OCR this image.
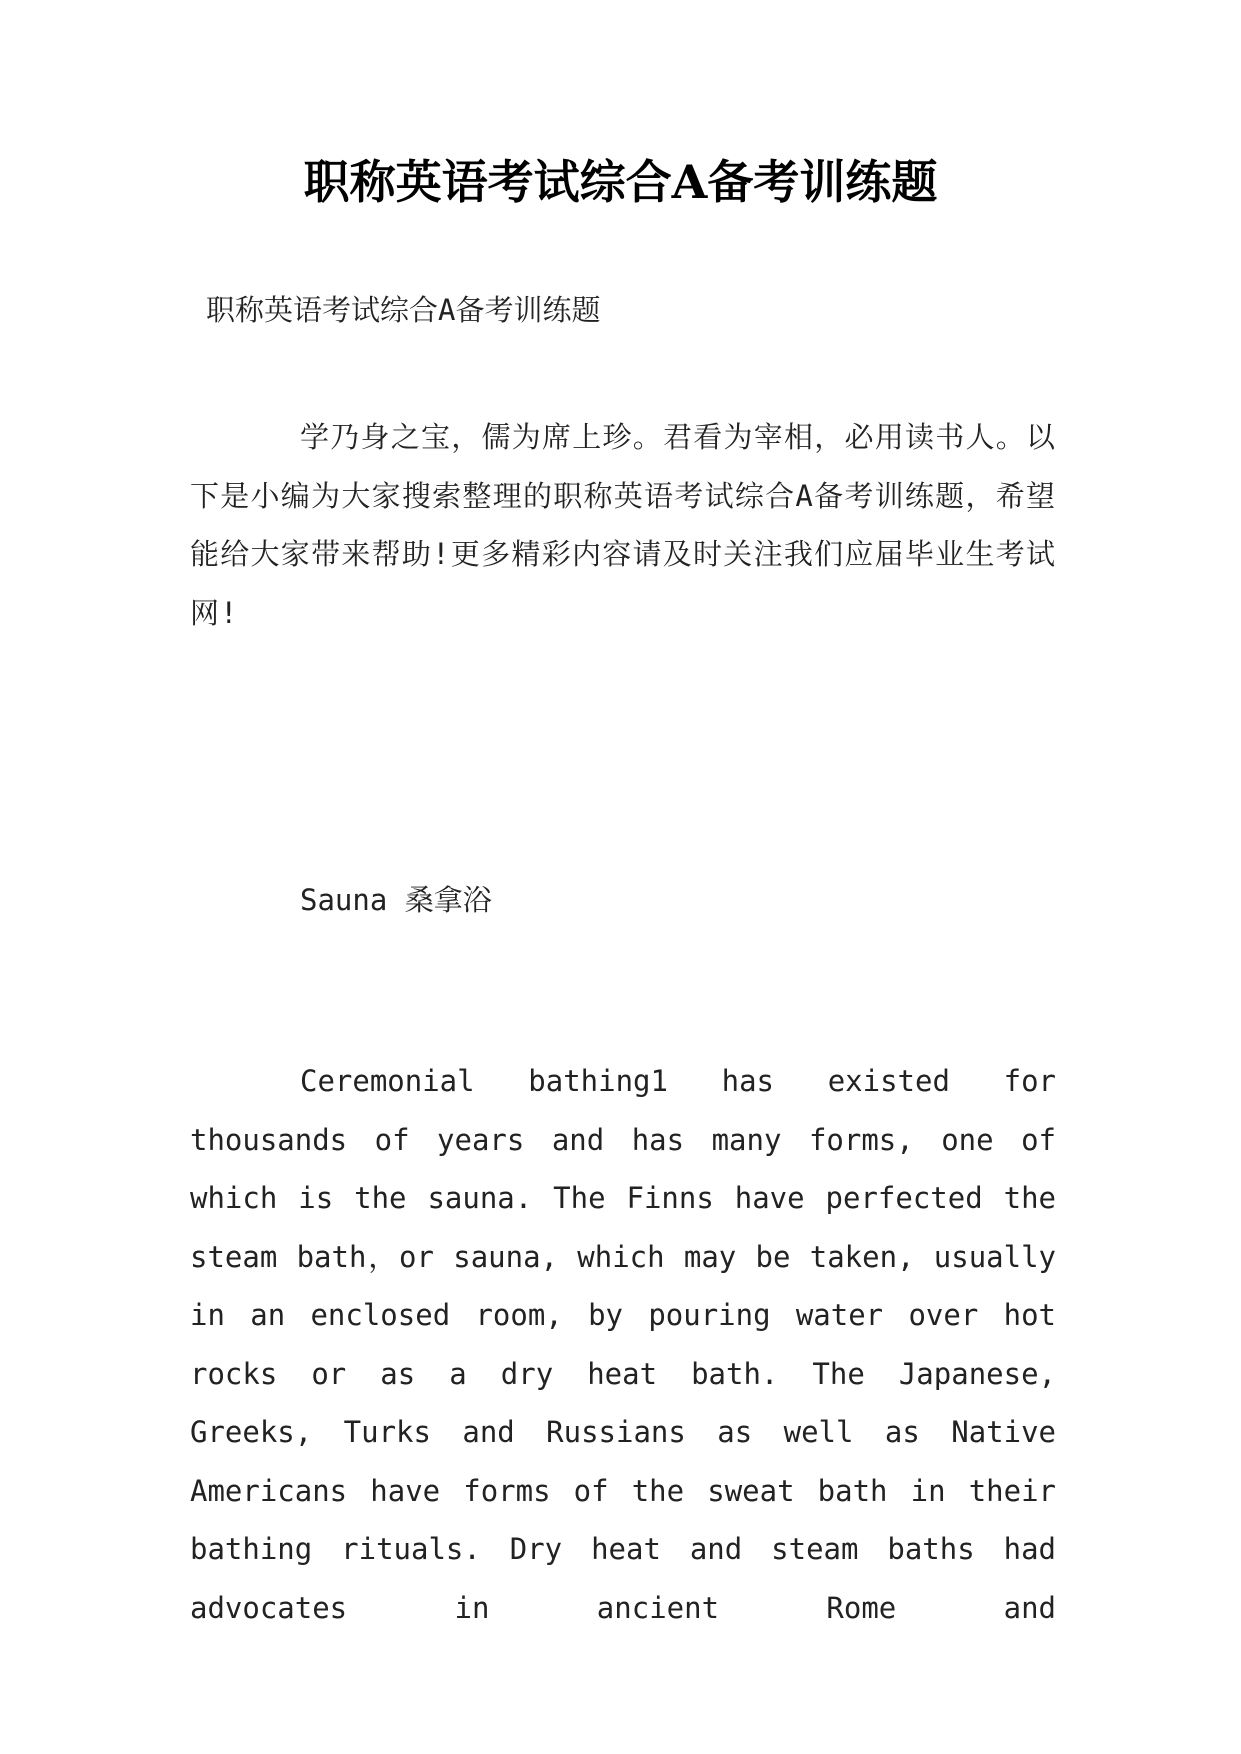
职称英语考试综合A备考训练题

职称英语考试综合A备考训练题

学乃身之宝，儒为席上珍。君看为宰相，必用读书人。以下是小编为大家搜索整理的职称英语考试综合A备考训练题，希望能给大家带来帮助!更多精彩内容请及时关注我们应届毕业生考试网!

Sauna 桑拿浴

Ceremonial bathing1 has existed for thousands of years and has many forms, one of which is the sauna. The Finns have perfected the steam bath，or sauna, which may be taken, usually in an enclosed room, by pouring water over hot rocks or as a dry heat bath. The Japanese, Greeks, Turks and Russians as well as Native Americans have forms of the sweat bath in their bathing rituals. Dry heat and steam baths had advocates in ancient Rome and
